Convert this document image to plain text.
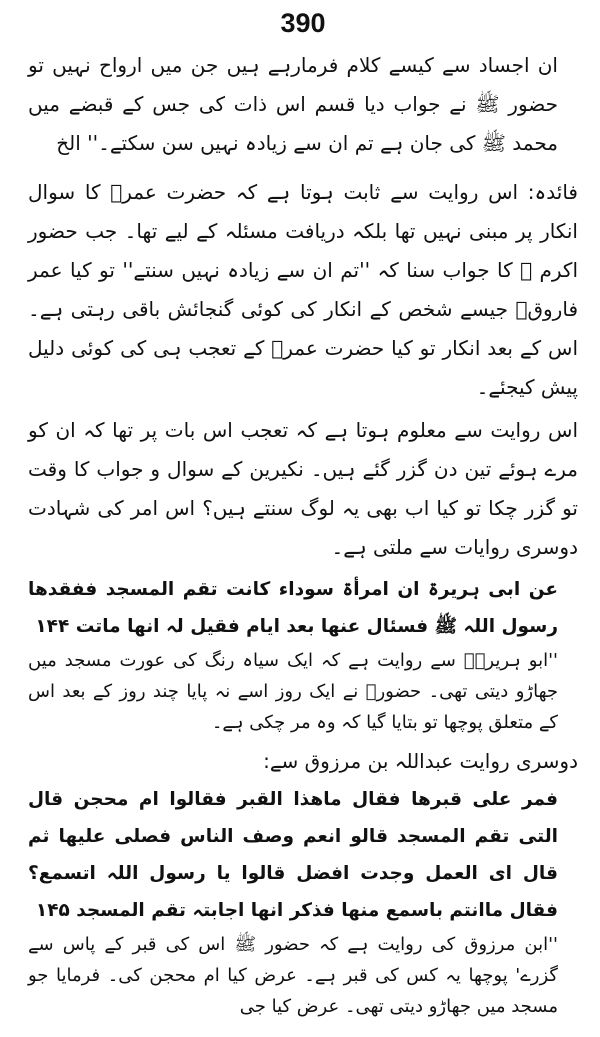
390

ان اجساد سے کیسے کلام فرمارہے ہیں جن میں ارواح نہیں تو حضور ﷺ نے جواب دیا قسم اس ذات کی جس کے قبضے میں محمد ﷺ کی جان ہے تم ان سے زیادہ نہیں سن سکتے۔'' الخ

فائدہ: اس روایت سے ثابت ہوتا ہے کہ حضرت عمرؓ کا سوال انکار پر مبنی نہیں تھا بلکہ دریافت مسئلہ کے لیے تھا۔ جب حضور اکرم ﷺ کا جواب سنا کہ ''تم ان سے زیادہ نہیں سنتے'' تو کیا عمر فاروقؓ جیسے شخص کے انکار کی کوئی گنجائش باقی رہتی ہے۔ اس کے بعد انکار تو کیا حضرت عمرؓ کے تعجب ہی کی کوئی دلیل پیش کیجئے۔

اس روایت سے معلوم ہوتا ہے کہ تعجب اس بات پر تھا کہ ان کو مرے ہوئے تین دن گزر گئے ہیں۔ نکیرین کے سوال و جواب کا وقت تو گزر چکا تو کیا اب بھی یہ لوگ سنتے ہیں؟ اس امر کی شہادت دوسری روایات سے ملتی ہے۔

عن ابی ہریرۃ ان امرأۃ سوداء کانت تقم المسجد ففقدھا رسول اللہ ﷺ فسئال عنھا بعد ایام فقیل لہ انھا ماتت ۱۴۴

''ابو ہریرہؓ سے روایت ہے کہ ایک سیاہ رنگ کی عورت مسجد میں جھاڑو دیتی تھی۔ حضورؐ نے ایک روز اسے نہ پایا چند روز کے بعد اس کے متعلق پوچھا تو بتایا گیا کہ وہ مر چکی ہے۔

دوسری روایت عبداللہ بن مرزوق سے:

فمر علی قبرھا فقال ماھذا القبر فقالوا ام محجن قال التی تقم المسجد قالو انعم وصف الناس فصلی علیھا ثم قال ای العمل وجدت افضل قالوا یا رسول اللہ اتسمع؟ فقال ماانتم باسمع منھا فذکر انھا اجابتہ تقم المسجد ۱۴۵

''ابن مرزوق کی روایت ہے کہ حضور ﷺ اس کی قبر کے پاس سے گزرے' پوچھا یہ کس کی قبر ہے۔ عرض کیا ام محجن کی۔ فرمایا جو مسجد میں جھاڑو دیتی تھی۔ عرض کیا جی
